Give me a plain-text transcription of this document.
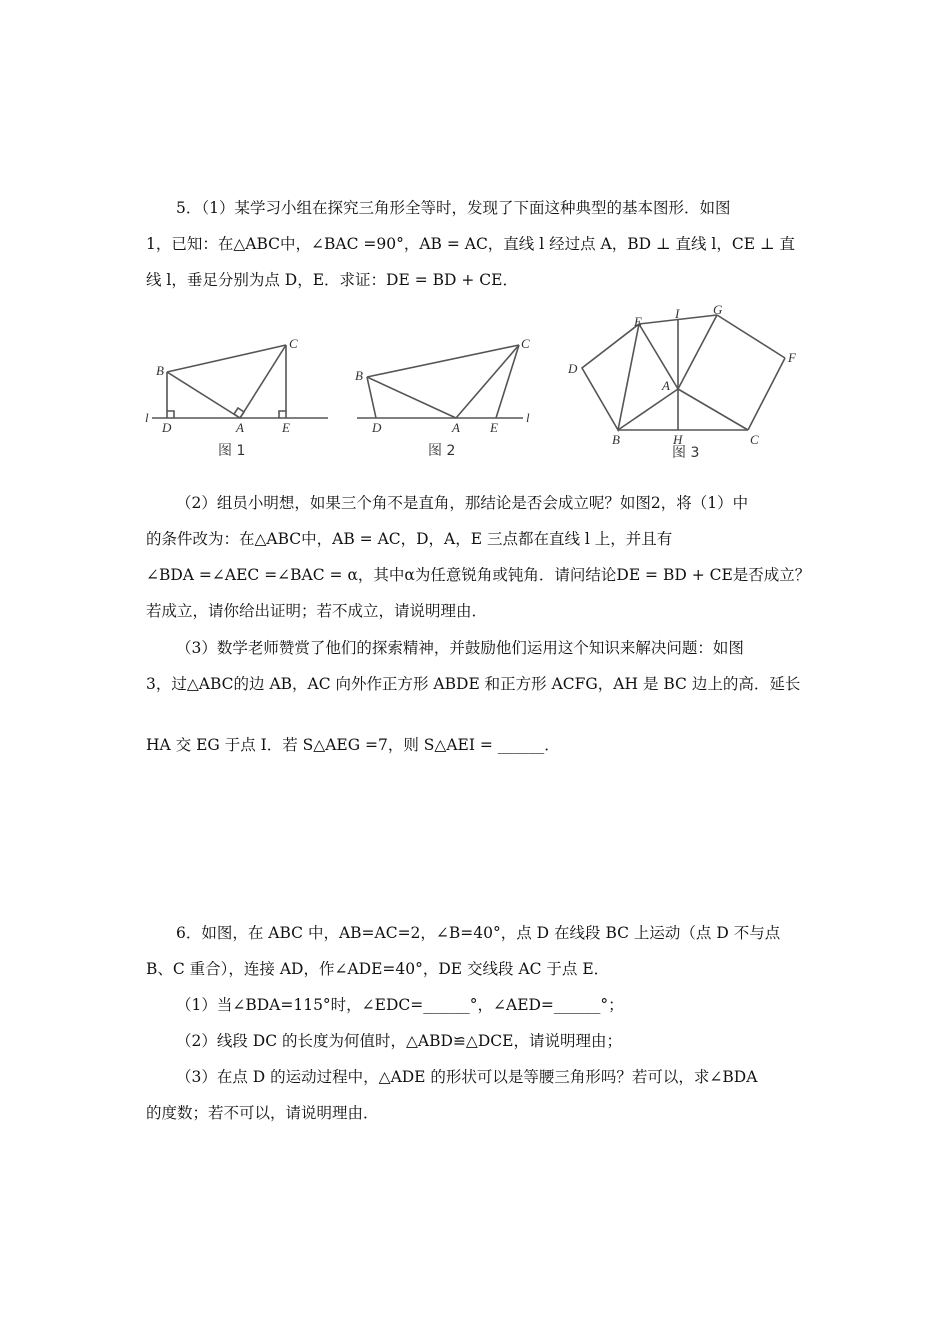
5．（1）某学习小组在探究三角形全等时，发现了下面这种典型的基本图形．如图
1，已知：在△ABC中，∠BAC =90°，AB = AC，直线 l 经过点 A，BD ⊥ 直线 l，CE ⊥ 直
线 l，垂足分别为点 D，E．求证：DE = BD + CE．
B
C
l
D	A	E
图 1
B
C
D	A E
l
图 2
E
I	G
D
F
A
B	H	C
图 3
（2）组员小明想，如果三个角不是直角，那结论是否会成立呢？如图2，将（1）中
的条件改为：在△ABC中，AB = AC，D，A，E 三点都在直线 l 上，并且有
∠BDA =∠AEC =∠BAC = α，其中α为任意锐角或钝角．请问结论DE = BD + CE是否成立？
若成立，请你给出证明；若不成立，请说明理由．
（3）数学老师赞赏了他们的探索精神，并鼓励他们运用这个知识来解决问题：如图
3，过△ABC的边 AB，AC 向外作正方形 ABDE 和正方形 ACFG，AH 是 BC 边上的高．延长
HA 交 EG 于点 I．若 S△AEG =7，则 S△AEI = ______．
6．如图，在 ABC 中，AB=AC=2，∠B=40°，点 D 在线段 BC 上运动（点 D 不与点
B、C 重合），连接 AD，作∠ADE=40°，DE 交线段 AC 于点 E．
（1）当∠BDA=115°时，∠EDC=______°，∠AED=______°；
（2）线段 DC 的长度为何值时，△ABD≌△DCE，请说明理由；
（3）在点 D 的运动过程中，△ADE 的形状可以是等腰三角形吗？若可以，求∠BDA
的度数；若不可以，请说明理由．
